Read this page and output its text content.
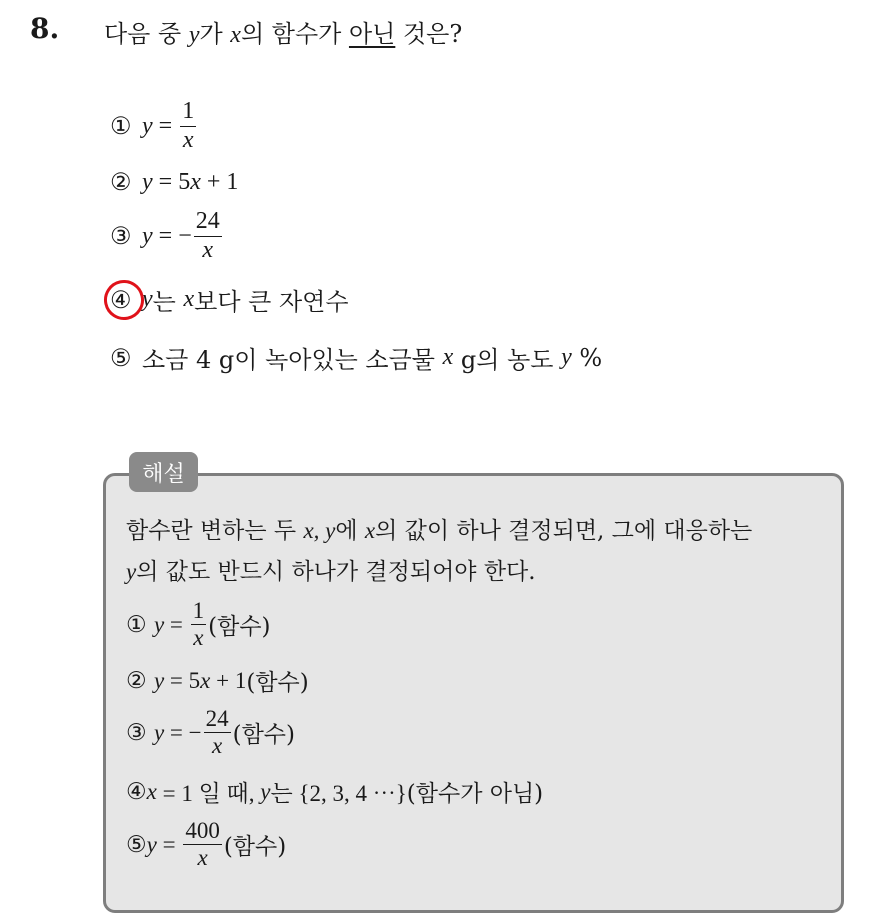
8. 다음 중 y가 x의 함수가 아닌 것은?
① $y = \frac{1}{x}$
② y = 5 x + 1
③ y = − $\frac{24}{x}$
④ y 는 x 보다 큰 자연수
⑤ 소금 4 g이 녹아있는 소금물 x g의 농도 y %
해설
함수란 변하는 두 x, y에 x의 값이 하나 결정되면, 그에 대응하는
y의 값도 반드시 하나가 결정되어야 한다.
①
$y = \frac{1}{x}$ (함수)
②
y = 5 x + 1 (함수)
③
y = − $\frac{24}{x}$ (함수)
④ x = 1 일 때, y 는 {2, 3, 4 ⋯} (함수가 아님)
⑤ $y = \frac{400}{x}$ (함수)
